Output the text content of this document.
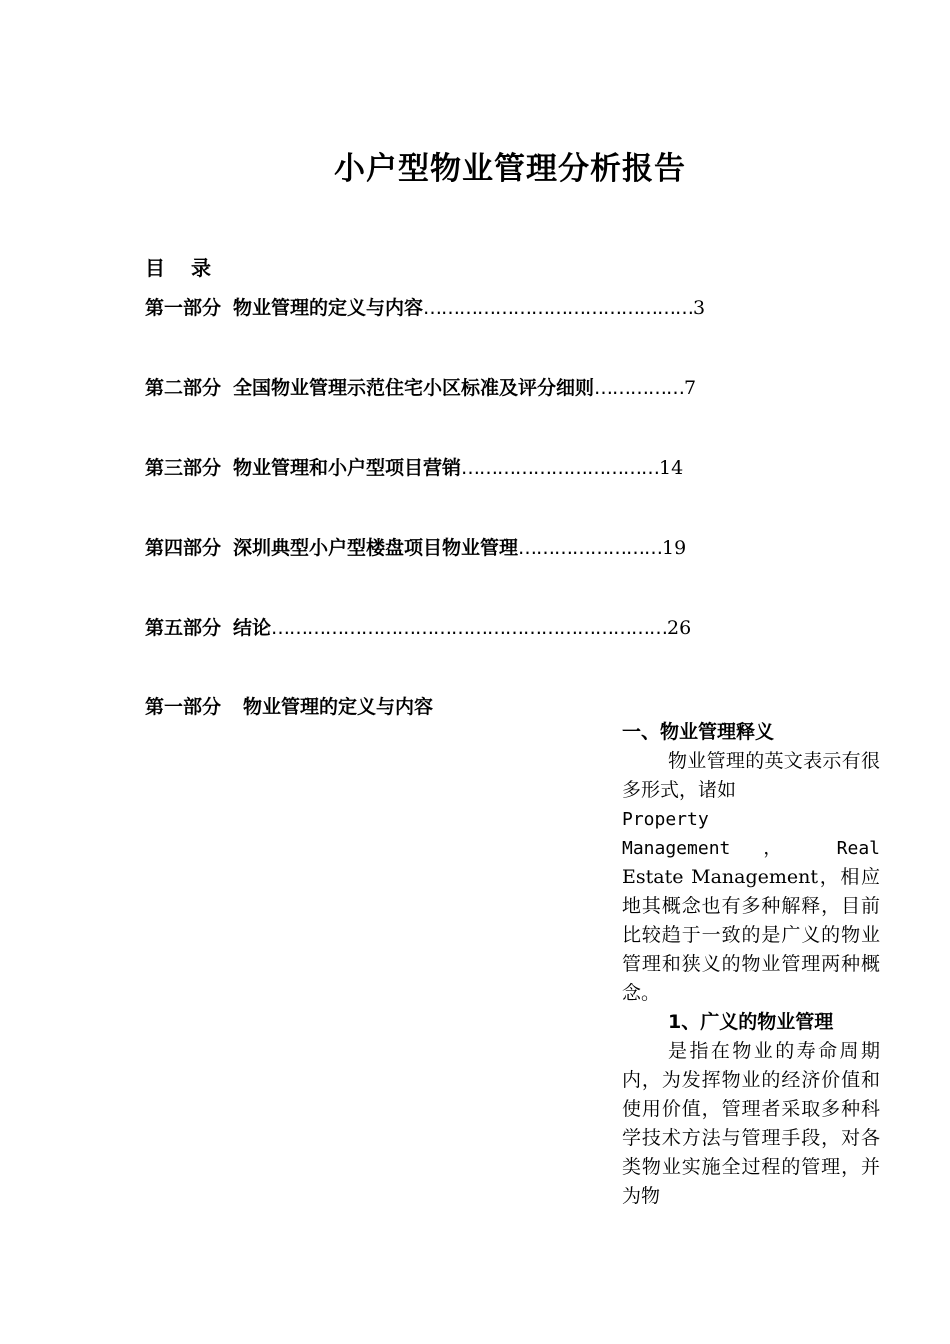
小户型物业管理分析报告
目 录
第一部分 物业管理的定义与内容 ……………………………………… 3
第二部分 全国物业管理示范住宅小区标准及评分细则 …………… 7
第三部分 物业管理和小户型项目营销 …………………………… 14
第四部分 深圳典型小户型楼盘项目物业管理 …………………… 19
第五部分 结论 ………………………………………………………… 26
第一部分 物业管理的定义与内容
一、物业管理释义

物业管理的英文表示有很多形式，诸如

Property
Management ， Real

Estate Management，相应地其概念也有多种解释，目前比较趋于一致的是广义的物业管理和狭义的物业管理两种概念。

1、广义的物业管理

是指在物业的寿命周期内，为发挥物业的经济价值和使用价值，管理者采取多种科学技术方法与管理手段，对各类物业实施全过程的管理，并为物
